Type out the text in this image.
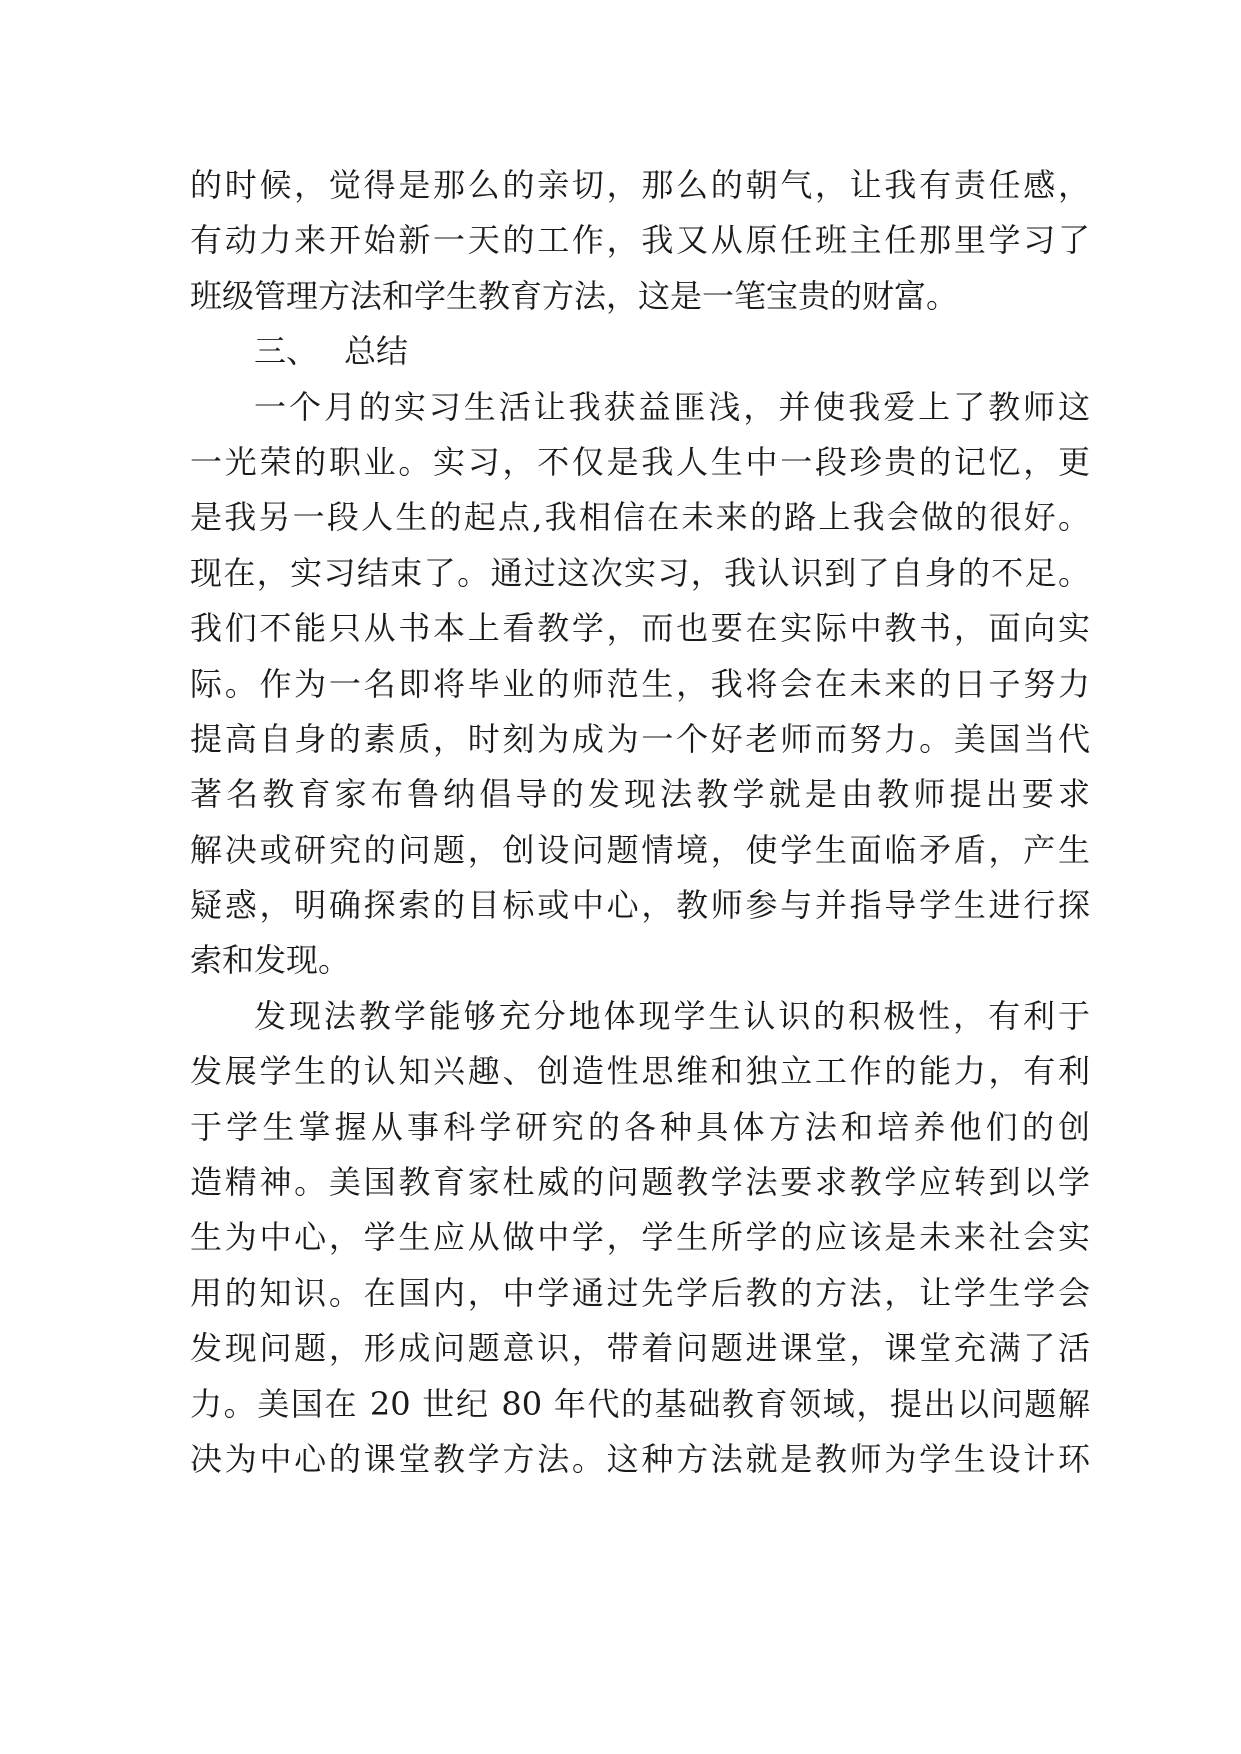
的时候，觉得是那么的亲切，那么的朝气，让我有责任感，
有动力来开始新一天的工作，我又从原任班主任那里学习了
班级管理方法和学生教育方法，这是一笔宝贵的财富。
三、 总结
一个月的实习生活让我获益匪浅，并使我爱上了教师这
一光荣的职业。实习，不仅是我人生中一段珍贵的记忆，更
是我另一段人生的起点,我相信在未来的路上我会做的很好。
现在，实习结束了。通过这次实习，我认识到了自身的不足。
我们不能只从书本上看教学，而也要在实际中教书，面向实
际。作为一名即将毕业的师范生，我将会在未来的日子努力
提高自身的素质，时刻为成为一个好老师而努力。美国当代
著名教育家布鲁纳倡导的发现法教学就是由教师提出要求
解决或研究的问题，创设问题情境，使学生面临矛盾，产生
疑惑，明确探索的目标或中心，教师参与并指导学生进行探
索和发现。
发现法教学能够充分地体现学生认识的积极性，有利于
发展学生的认知兴趣、创造性思维和独立工作的能力，有利
于学生掌握从事科学研究的各种具体方法和培养他们的创
造精神。美国教育家杜威的问题教学法要求教学应转到以学
生为中心，学生应从做中学，学生所学的应该是未来社会实
用的知识。在国内，中学通过先学后教的方法，让学生学会
发现问题，形成问题意识，带着问题进课堂，课堂充满了活
力。美国在 20 世纪 80 年代的基础教育领域，提出以问题解
决为中心的课堂教学方法。这种方法就是教师为学生设计环
